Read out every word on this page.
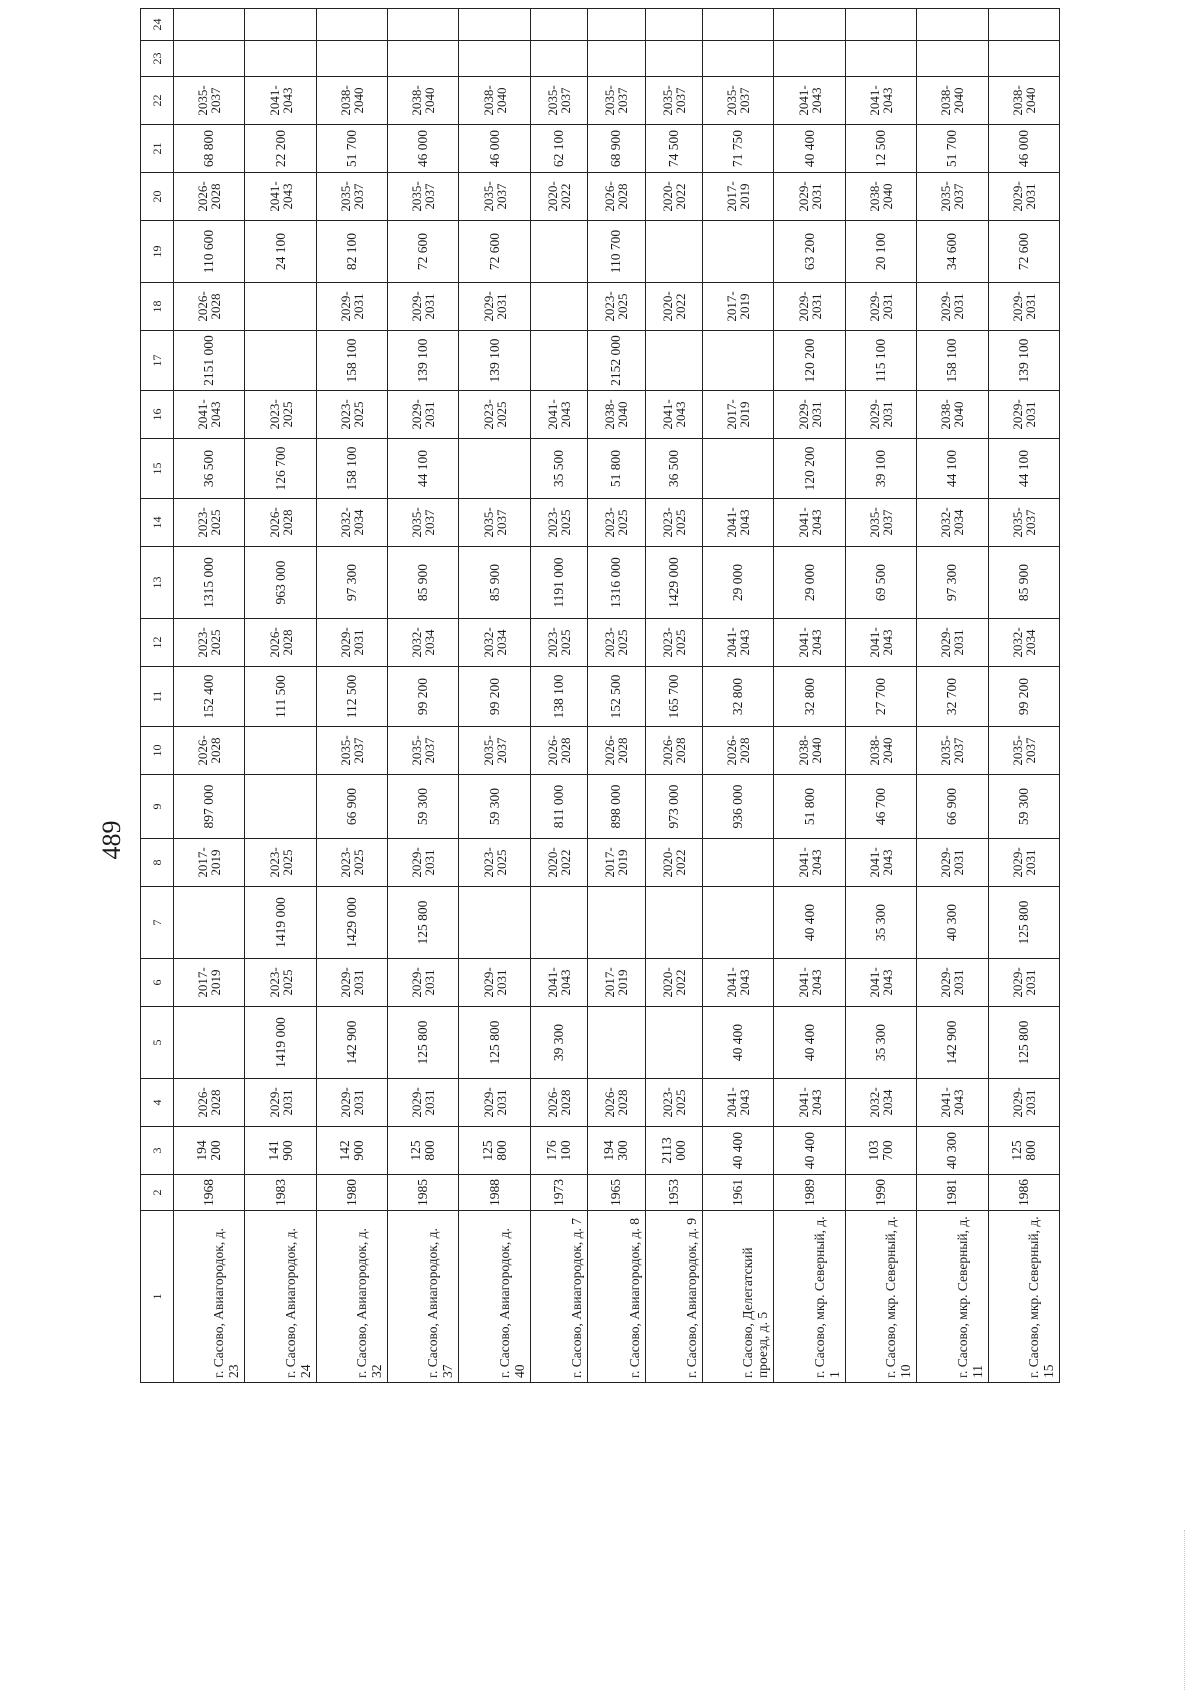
489
1	2	3	4	5	6	7	8	9	10	11	12	13	14	15	16	17	18	19	20	21	22	23	24
г. Сасово, Авиагородок, д. 23	1968	194 200	2026-2028		2017-2019		2017-2019	897 000	2026-2028	152 400	2023-2025	1315 000	2023-2025	36 500	2041-2043	2151 000	2026-2028	110 600	2026-2028	68 800	2035-2037		
г. Сасово, Авиагородок, д. 24	1983	141 900	2029-2031	1419 000	2023-2025	1419 000	2023-2025			111 500	2026-2028	963 000	2026-2028	126 700	2023-2025			24 100	2041-2043	22 200	2041-2043		
г. Сасово, Авиагородок, д. 32	1980	142 900	2029-2031	142 900	2029-2031	1429 000	2023-2025	66 900	2035-2037	112 500	2029-2031	97 300	2032-2034	158 100	2023-2025	158 100	2029-2031	82 100	2035-2037	51 700	2038-2040		
г. Сасово, Авиагородок, д. 37	1985	125 800	2029-2031	125 800	2029-2031	125 800	2029-2031	59 300	2035-2037	99 200	2032-2034	85 900	2035-2037	44 100	2029-2031	139 100	2029-2031	72 600	2035-2037	46 000	2038-2040		
г. Сасово, Авиагородок, д. 40	1988	125 800	2029-2031	125 800	2029-2031		2023-2025	59 300	2035-2037	99 200	2032-2034	85 900	2035-2037		2023-2025	139 100	2029-2031	72 600	2035-2037	46 000	2038-2040		
г. Сасово, Авиагородок, д. 7	1973	176 100	2026-2028	39 300	2041-2043		2020-2022	811 000	2026-2028	138 100	2023-2025	1191 000	2023-2025	35 500	2041-2043				2020-2022	62 100	2035-2037		
г. Сасово, Авиагородок, д. 8	1965	194 300	2026-2028		2017-2019		2017-2019	898 000	2026-2028	152 500	2023-2025	1316 000	2023-2025	51 800	2038-2040	2152 000	2023-2025	110 700	2026-2028	68 900	2035-2037		
г. Сасово, Авиагородок, д. 9	1953	2113 000	2023-2025		2020-2022		2020-2022	973 000	2026-2028	165 700	2023-2025	1429 000	2023-2025	36 500	2041-2043		2020-2022		2020-2022	74 500	2035-2037		
г. Сасово, Делегатский проезд, д. 5	1961	40 400	2041-2043	40 400	2041-2043			936 000	2026-2028	32 800	2041-2043	29 000	2041-2043		2017-2019		2017-2019		2017-2019	71 750	2035-2037		
г. Сасово, мкр. Северный, д. 1	1989	40 400	2041-2043	40 400	2041-2043	40 400	2041-2043	51 800	2038-2040	32 800	2041-2043	29 000	2041-2043	120 200	2029-2031	120 200	2029-2031	63 200	2029-2031	40 400	2041-2043		
г. Сасово, мкр. Северный, д. 10	1990	103 700	2032-2034	35 300	2041-2043	35 300	2041-2043	46 700	2038-2040	27 700	2041-2043	69 500	2035-2037	39 100	2029-2031	115 100	2029-2031	20 100	2038-2040	12 500	2041-2043		
г. Сасово, мкр. Северный, д. 11	1981	40 300	2041-2043	142 900	2029-2031	40 300	2029-2031	66 900	2035-2037	32 700	2029-2031	97 300	2032-2034	44 100	2038-2040	158 100	2029-2031	34 600	2035-2037	51 700	2038-2040		
г. Сасово, мкр. Северный, д. 15	1986	125 800	2029-2031	125 800	2029-2031	125 800	2029-2031	59 300	2035-2037	99 200	2032-2034	85 900	2035-2037	44 100	2029-2031	139 100	2029-2031	72 600	2029-2031	46 000	2038-2040		
